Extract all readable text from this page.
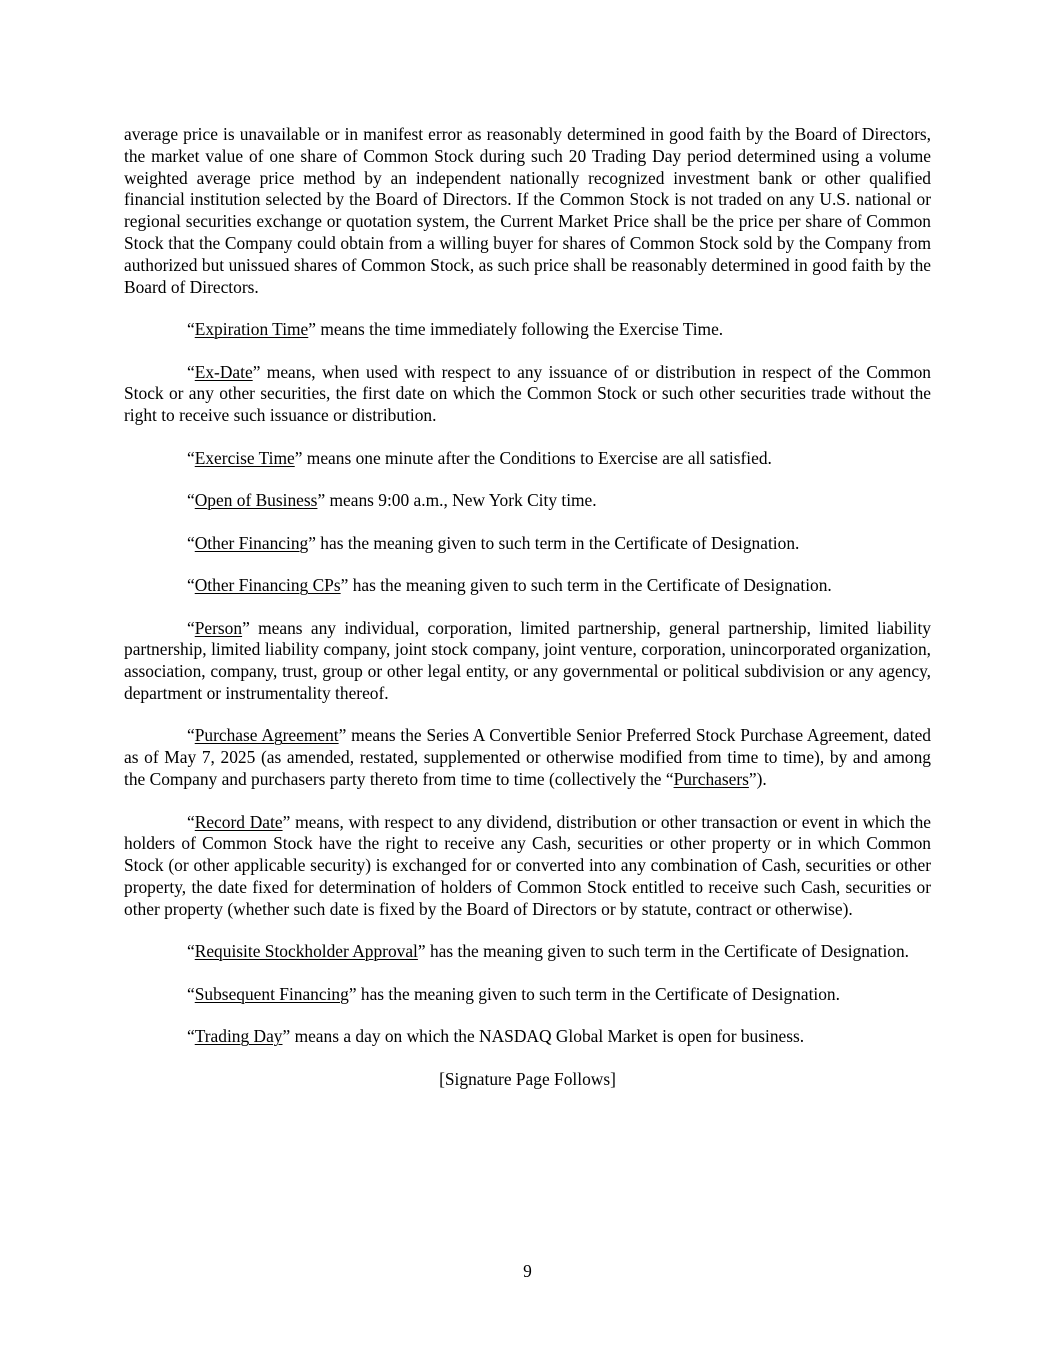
average price is unavailable or in manifest error as reasonably determined in good faith by the Board of Directors, the market value of one share of Common Stock during such 20 Trading Day period determined using a volume weighted average price method by an independent nationally recognized investment bank or other qualified financial institution selected by the Board of Directors. If the Common Stock is not traded on any U.S. national or regional securities exchange or quotation system, the Current Market Price shall be the price per share of Common Stock that the Company could obtain from a willing buyer for shares of Common Stock sold by the Company from authorized but unissued shares of Common Stock, as such price shall be reasonably determined in good faith by the Board of Directors.

“Expiration Time” means the time immediately following the Exercise Time.

“Ex-Date” means, when used with respect to any issuance of or distribution in respect of the Common Stock or any other securities, the first date on which the Common Stock or such other securities trade without the right to receive such issuance or distribution.

“Exercise Time” means one minute after the Conditions to Exercise are all satisfied.

“Open of Business” means 9:00 a.m., New York City time.

“Other Financing” has the meaning given to such term in the Certificate of Designation.

“Other Financing CPs” has the meaning given to such term in the Certificate of Designation.

“Person” means any individual, corporation, limited partnership, general partnership, limited liability partnership, limited liability company, joint stock company, joint venture, corporation, unincorporated organization, association, company, trust, group or other legal entity, or any governmental or political subdivision or any agency, department or instrumentality thereof.

“Purchase Agreement” means the Series A Convertible Senior Preferred Stock Purchase Agreement, dated as of May 7, 2025 (as amended, restated, supplemented or otherwise modified from time to time), by and among the Company and purchasers party thereto from time to time (collectively the “Purchasers”).

“Record Date” means, with respect to any dividend, distribution or other transaction or event in which the holders of Common Stock have the right to receive any Cash, securities or other property or in which Common Stock (or other applicable security) is exchanged for or converted into any combination of Cash, securities or other property, the date fixed for determination of holders of Common Stock entitled to receive such Cash, securities or other property (whether such date is fixed by the Board of Directors or by statute, contract or otherwise).

“Requisite Stockholder Approval” has the meaning given to such term in the Certificate of Designation.

“Subsequent Financing” has the meaning given to such term in the Certificate of Designation.

“Trading Day” means a day on which the NASDAQ Global Market is open for business.

[Signature Page Follows]

9
